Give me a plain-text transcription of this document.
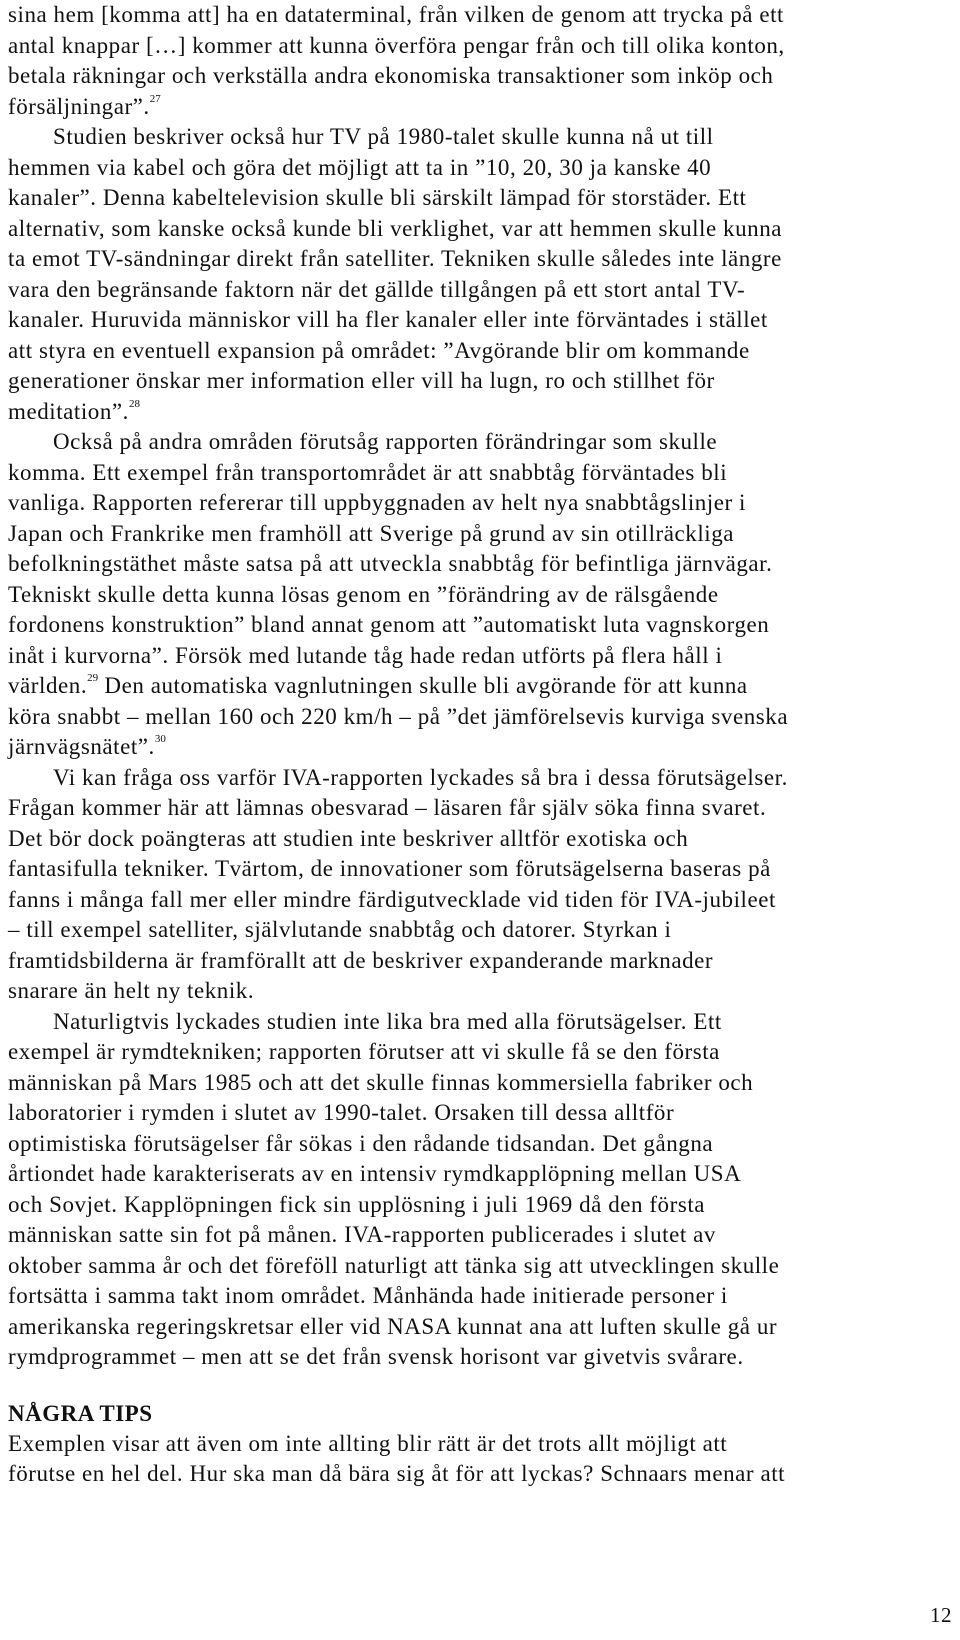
sina hem [komma att] ha en dataterminal, från vilken de genom att trycka på ett
antal knappar […] kommer att kunna överföra pengar från och till olika konton,
betala räkningar och verkställa andra ekonomiska transaktioner som inköp och
försäljningar”.$^{27}$
Studien beskriver också hur TV på 1980-talet skulle kunna nå ut till
hemmen via kabel och göra det möjligt att ta in ”10, 20, 30 ja kanske 40
kanaler”. Denna kabeltelevision skulle bli särskilt lämpad för storstäder. Ett
alternativ, som kanske också kunde bli verklighet, var att hemmen skulle kunna
ta emot TV-sändningar direkt från satelliter. Tekniken skulle således inte längre
vara den begränsande faktorn när det gällde tillgången på ett stort antal TV-
kanaler. Huruvida människor vill ha fler kanaler eller inte förväntades i stället
att styra en eventuell expansion på området: ”Avgörande blir om kommande
generationer önskar mer information eller vill ha lugn, ro och stillhet för
meditation”.$^{28}$
Också på andra områden förutsåg rapporten förändringar som skulle
komma. Ett exempel från transportområdet är att snabbtåg förväntades bli
vanliga. Rapporten refererar till uppbyggnaden av helt nya snabbtågslinjer i
Japan och Frankrike men framhöll att Sverige på grund av sin otillräckliga
befolkningstäthet måste satsa på att utveckla snabbtåg för befintliga järnvägar.
Tekniskt skulle detta kunna lösas genom en ”förändring av de rälsgående
fordonens konstruktion” bland annat genom att ”automatiskt luta vagnskorgen
inåt i kurvorna”. Försök med lutande tåg hade redan utförts på flera håll i
världen.$^{29}$ Den automatiska vagnlutningen skulle bli avgörande för att kunna
köra snabbt – mellan 160 och 220 km/h – på ”det jämförelsevis kurviga svenska
järnvägsnätet”.$^{30}$
Vi kan fråga oss varför IVA-rapporten lyckades så bra i dessa förutsägelser.
Frågan kommer här att lämnas obesvarad – läsaren får själv söka finna svaret.
Det bör dock poängteras att studien inte beskriver alltför exotiska och
fantasifulla tekniker. Tvärtom, de innovationer som förutsägelserna baseras på
fanns i många fall mer eller mindre färdigutvecklade vid tiden för IVA-jubileet
– till exempel satelliter, självlutande snabbtåg och datorer. Styrkan i
framtidsbilderna är framförallt att de beskriver expanderande marknader
snarare än helt ny teknik.
Naturligtvis lyckades studien inte lika bra med alla förutsägelser. Ett
exempel är rymdtekniken; rapporten förutser att vi skulle få se den första
människan på Mars 1985 och att det skulle finnas kommersiella fabriker och
laboratorier i rymden i slutet av 1990-talet. Orsaken till dessa alltför
optimistiska förutsägelser får sökas i den rådande tidsandan. Det gångna
årtiondet hade karakteriserats av en intensiv rymdkapplöpning mellan USA
och Sovjet. Kapplöpningen fick sin upplösning i juli 1969 då den första
människan satte sin fot på månen. IVA-rapporten publicerades i slutet av
oktober samma år och det föreföll naturligt att tänka sig att utvecklingen skulle
fortsätta i samma takt inom området. Månhända hade initierade personer i
amerikanska regeringskretsar eller vid NASA kunnat ana att luften skulle gå ur
rymdprogrammet – men att se det från svensk horisont var givetvis svårare.
NÅGRA TIPS
Exemplen visar att även om inte allting blir rätt är det trots allt möjligt att
förutse en hel del. Hur ska man då bära sig åt för att lyckas? Schnaars menar att
12
